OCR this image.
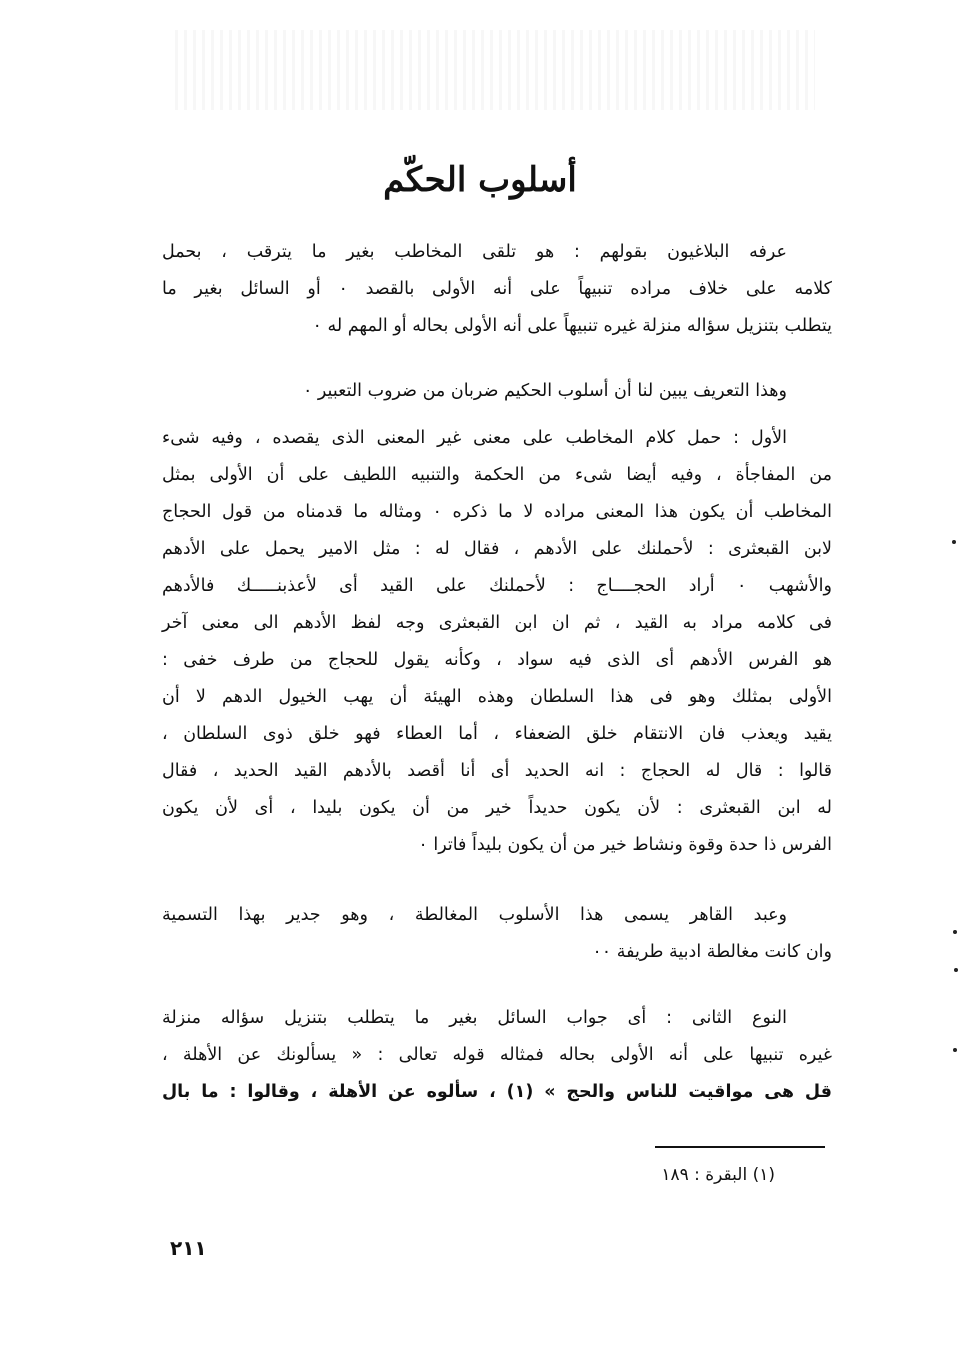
أسلوب الحكّم
عرفه البلاغيون بقولهم : هو تلقى المخاطب بغير ما يترقب ، بحمل
كلامه على خلاف مراده تنبيهاً على أنه الأولى بالقصد ٠ أو السائل بغير ما
يتطلب بتنزيل سؤاله منزلة غيره تنبيهاً على أنه الأولى بحاله أو المهم له ٠
وهذا التعريف يبين لنا أن أسلوب الحكيم ضربان من ضروب التعبير ٠
الأول : حمل كلام المخاطب على معنى غير المعنى الذى يقصده ، وفيه شىء
من المفاجأة ، وفيه أيضا شىء من الحكمة والتنبيه اللطيف على أن الأولى بمثل
المخاطب أن يكون هذا المعنى مراده لا ما ذكره ٠ ومثاله ما قدمناه من قول الحجاج
لابن القبعثرى : لأحملنك على الأدهم ، فقال له : مثل الامير يحمل على الأدهم
والأشهب ٠ أراد الحجــــاج : لأحملنك على القيد أى لأعذبنـــــك فالأدهم
فى كلامه مراد به القيد ، ثم ان ابن القبعثرى وجه لفظ الأدهم الى معنى آخر
هو الفرس الأدهم أى الذى فيه سواد ، وكأنه يقول للحجاج من طرف خفى :
الأولى بمثلك وهو فى هذا السلطان وهذه الهيئة أن يهب الخيول الدهم لا أن
يقيد ويعذب فان الانتقام خلق الضعفاء ، أما العطاء فهو خلق ذوى السلطان ،
قالوا : قال له الحجاج : انه الحديد أى أنا أقصد بالأدهم القيد الحديد ، فقال
له ابن القبعثرى : لأن يكون حديداً خير من أن يكون بليدا ، أى لأن يكون
الفرس ذا حدة وقوة ونشاط خير من أن يكون بليداً فاترا ٠
وعبد القاهر يسمى هذا الأسلوب المغالطة ، وهو جدير بهذا التسمية
وان كانت مغالطة ادبية طريفة ٠٠
النوع الثانى : أى جواب السائل بغير ما يتطلب بتنزيل سؤاله منزلة
غيره تنبيها على أنه الأولى بحاله فمثاله قوله تعالى : « يسألونك عن الأهلة ،
قل هى مواقيت للناس والحج » (١) ، سألوه عن الأهلة ، وقالوا : ما بال
(١) البقرة : ١٨٩
٢١١
